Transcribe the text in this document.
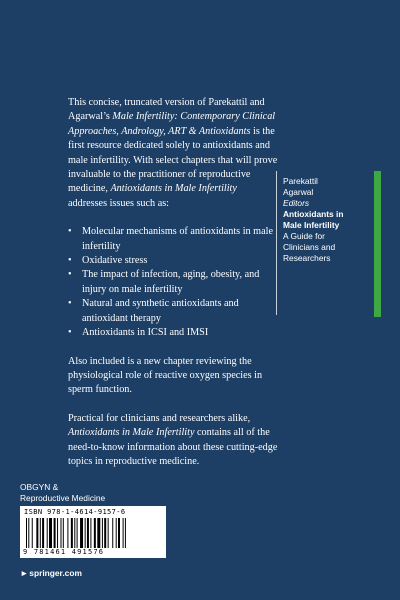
This concise, truncated version of Parekattil and Agarwal’s Male Infertility: Contemporary Clinical Approaches, Andrology, ART & Antioxidants is the first resource dedicated solely to antioxidants and male infertility. With select chapters that will prove invaluable to the practitioner of reproductive medicine, Antioxidants in Male Infertility addresses issues such as:

• Molecular mechanisms of antioxidants in male infertility
• Oxidative stress
• The impact of infection, aging, obesity, and injury on male infertility
• Natural and synthetic antioxidants and antioxidant therapy
• Antioxidants in ICSI and IMSI

Also included is a new chapter reviewing the physiological role of reactive oxygen species in sperm function.

Practical for clinicians and researchers alike, Antioxidants in Male Infertility contains all of the need-to-know information about these cutting-edge topics in reproductive medicine.

Parekattil
Agarwal
Editors
Antioxidants in
Male Infertility
A Guide for
Clinicians and
Researchers
OBGYN &
Reproductive Medicine
ISBN 978-1-4614-9157-6
9 781461 491576
►springer.com
